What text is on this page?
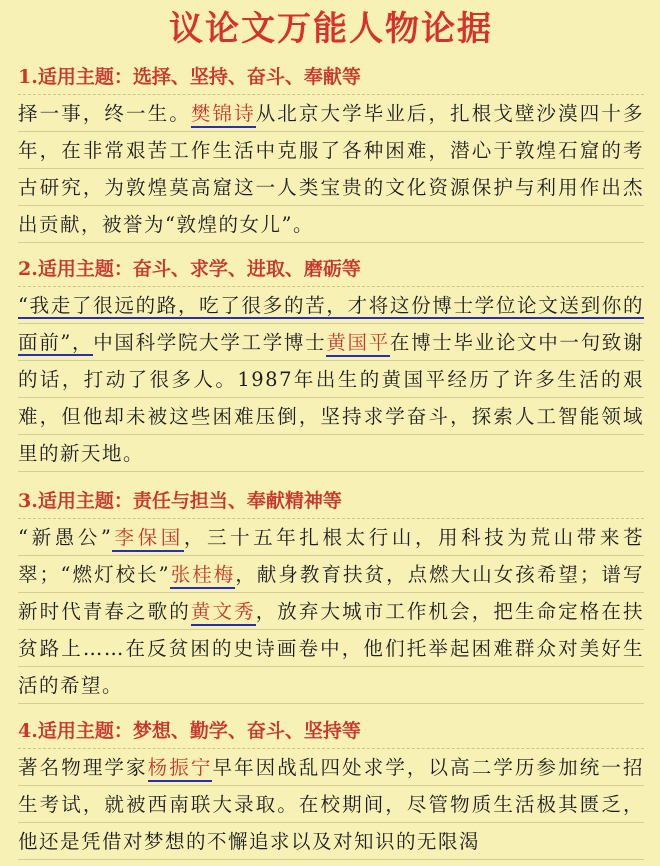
议论文万能人物论据
1.适用主题：选择、坚持、奋斗、奉献等

择一事，终一生。樊锦诗从北京大学毕业后，扎根戈壁沙漠四十多年，在非常艰苦工作生活中克服了各种困难，潜心于敦煌石窟的考古研究，为敦煌莫高窟这一人类宝贵的文化资源保护与利用作出杰出贡献，被誉为“敦煌的女儿”。

2.适用主题：奋斗、求学、进取、磨砺等

“我走了很远的路，吃了很多的苦，才将这份博士学位论文送到你的面前”，中国科学院大学工学博士黄国平在博士毕业论文中一句致谢的话，打动了很多人。1987年出生的黄国平经历了许多生活的艰难，但他却未被这些困难压倒，坚持求学奋斗，探索人工智能领域里的新天地。

3.适用主题：责任与担当、奉献精神等

“新愚公”李保国，三十五年扎根太行山，用科技为荒山带来苍翠；“燃灯校长”张桂梅，献身教育扶贫，点燃大山女孩希望；谱写新时代青春之歌的黄文秀，放弃大城市工作机会，把生命定格在扶贫路上……在反贫困的史诗画卷中，他们托举起困难群众对美好生活的希望。

4.适用主题：梦想、勤学、奋斗、坚持等

著名物理学家杨振宁早年因战乱四处求学，以高二学历参加统一招生考试，就被西南联大录取。在校期间，尽管物质生活极其匮乏，他还是凭借对梦想的不懈追求以及对知识的无限渴
